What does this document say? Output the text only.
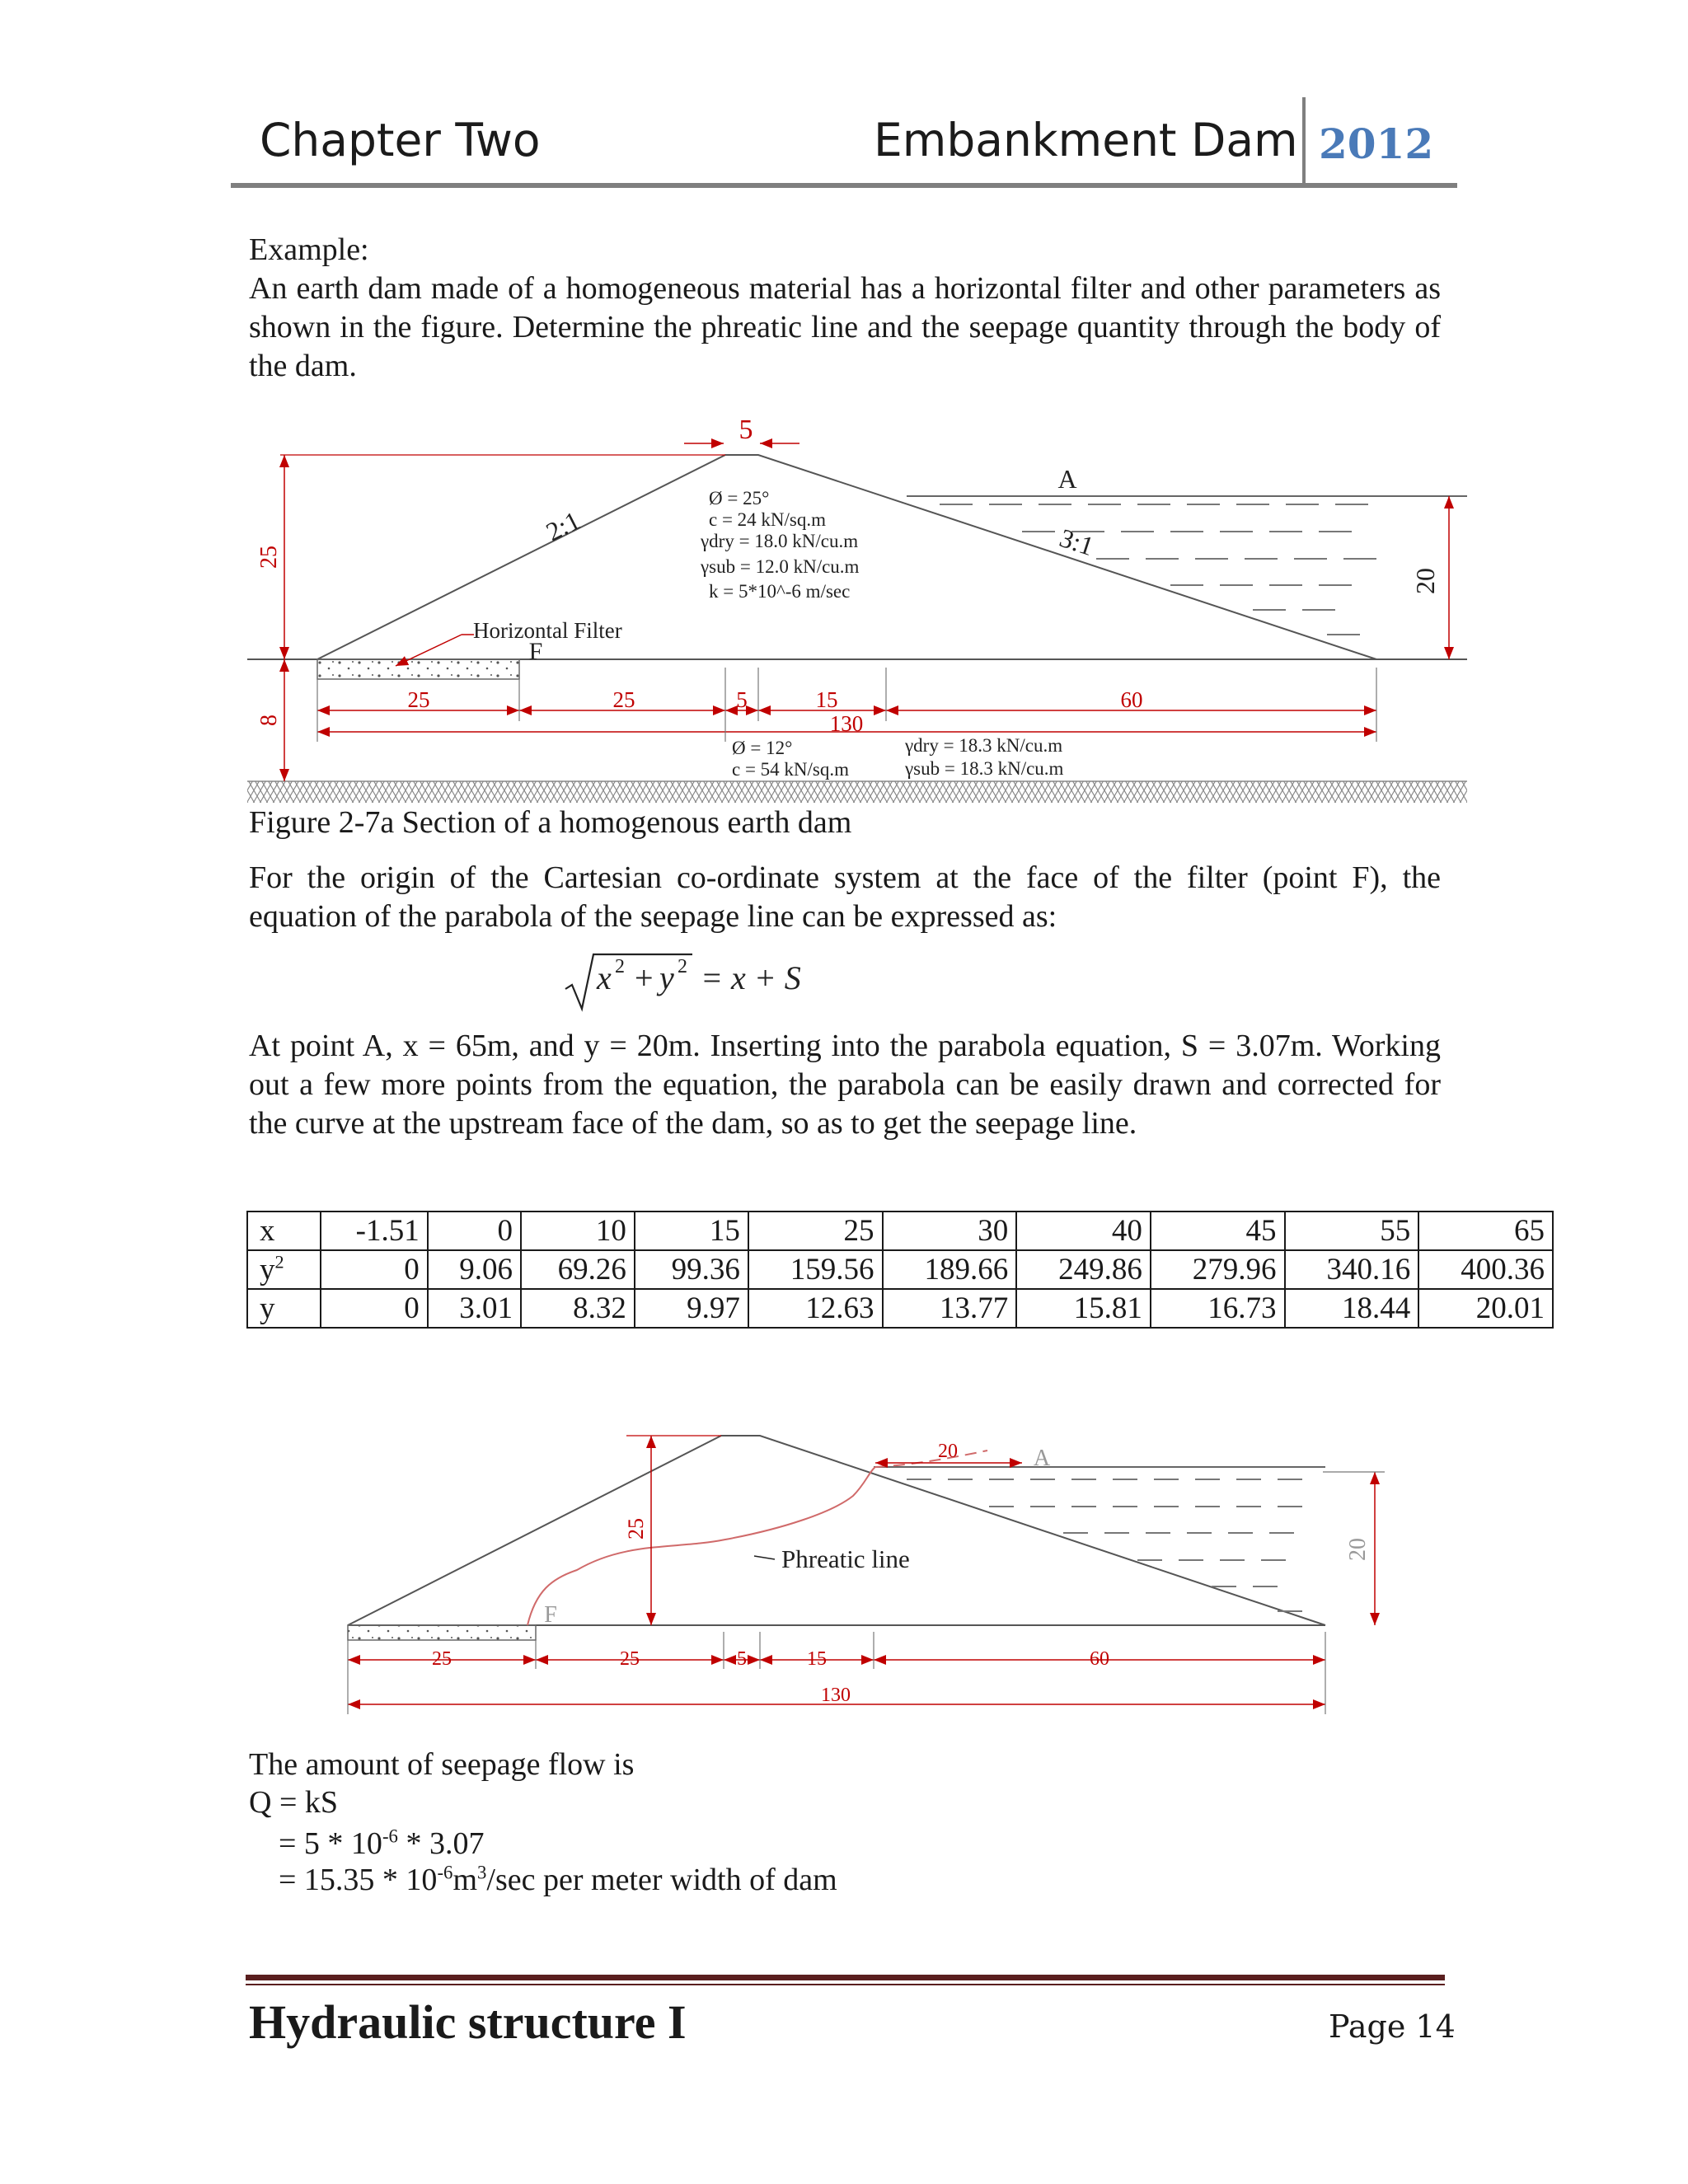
Chapter Two	Embankment Dam 2012
Example:
An earth dam made of a homogeneous material has a horizontal filter and other parameters as shown in the figure. Determine the phreatic line and the seepage quantity through the body of the dam.
5
A
2:1	3:1
25
8
20
Horizontal Filter
F
25	25	5	15	60
130
Ø = 25°
c = 24 kN/sq.m
γdry = 18.0 kN/cu.m
γsub = 12.0 kN/cu.m
k = 5*10^-6 m/sec
Ø = 12°
c = 54 kN/sq.m
γdry = 18.3 kN/cu.m
γsub = 18.3 kN/cu.m
Figure 2-7a Section of a homogenous earth dam
For the origin of the Cartesian co-ordinate system at the face of the filter (point F), the equation of the parabola of the seepage line can be expressed as:
x 2 + y 2 = x + S
At point A, x = 65m, and y = 20m. Inserting into the parabola equation, S = 3.07m. Working out a few more points from the equation, the parabola can be easily drawn and corrected for the curve at the upstream face of the dam, so as to get the seepage line.
x	-1.51	0	10	15	25	30	40	45	55	65
$y^2$	0	9.06	69.26	99.36	159.56	189.66	249.86	279.96	340.16	400.36
y	0	3.01	8.32	9.97	12.63	13.77	15.81	16.73	18.44	20.01
20	A
25
20
Phreatic line
F
25	25	5	15	60
130
The amount of seepage flow is
Q = kS
= $5 * 10^{-6} * 3.07$
= $15.35 * 10^{-6}m^3/\sec$ per meter width of dam
Hydraulic structure I	Page 14
